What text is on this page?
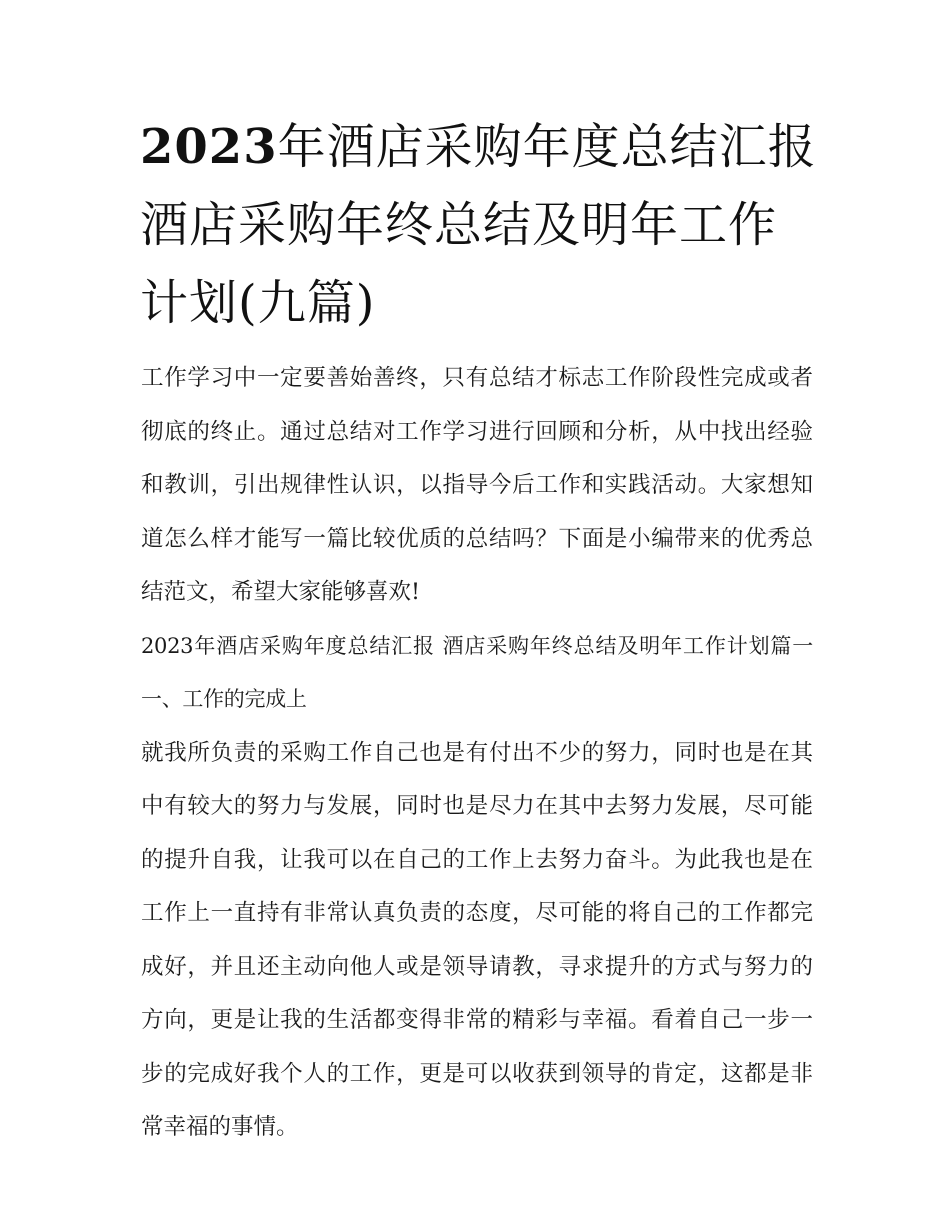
2023年酒店采购年度总结汇报酒店采购年终总结及明年工作计划(九篇)

工作学习中一定要善始善终，只有总结才标志工作阶段性完成或者彻底的终止。通过总结对工作学习进行回顾和分析，从中找出经验和教训，引出规律性认识，以指导今后工作和实践活动。大家想知道怎么样才能写一篇比较优质的总结吗？下面是小编带来的优秀总结范文，希望大家能够喜欢!

2023年酒店采购年度总结汇报 酒店采购年终总结及明年工作计划篇一 一、工作的完成上

就我所负责的采购工作自己也是有付出不少的努力，同时也是在其中有较大的努力与发展，同时也是尽力在其中去努力发展，尽可能的提升自我，让我可以在自己的工作上去努力奋斗。为此我也是在工作上一直持有非常认真负责的态度，尽可能的将自己的工作都完成好，并且还主动向他人或是领导请教，寻求提升的方式与努力的方向，更是让我的生活都变得非常的精彩与幸福。看着自己一步一步的完成好我个人的工作，更是可以收获到领导的肯定，这都是非常幸福的事情。
